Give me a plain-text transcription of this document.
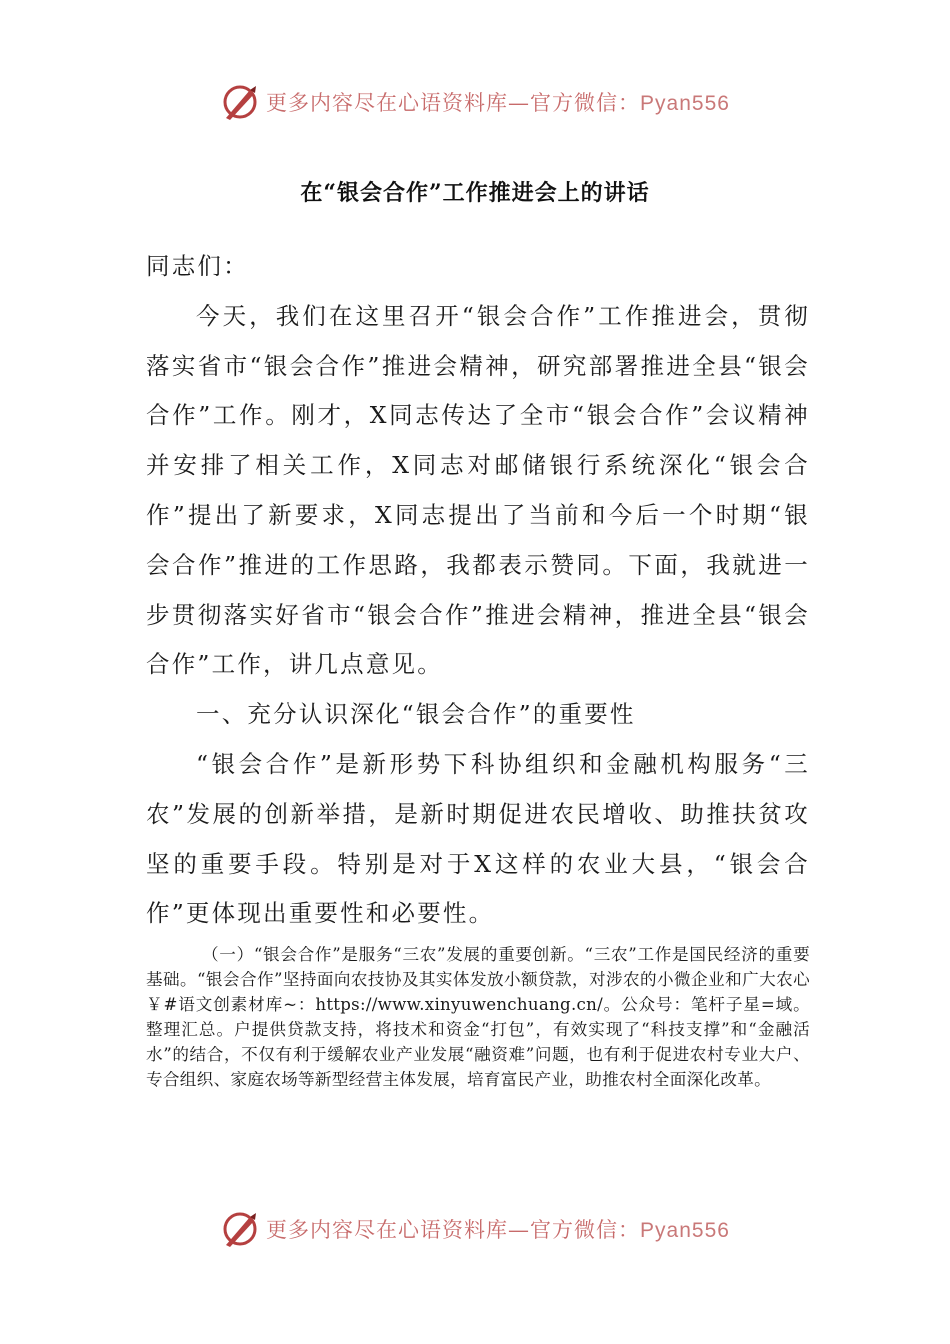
更多内容尽在心语资料库—官方微信：Pyan556
在“银会合作”工作推进会上的讲话

同志们：

今天，我们在这里召开“银会合作”工作推进会，贯彻落实省市“银会合作”推进会精神，研究部署推进全县“银会合作”工作。刚才，X同志传达了全市“银会合作”会议精神并安排了相关工作，X同志对邮储银行系统深化“银会合作”提出了新要求，X同志提出了当前和今后一个时期“银会合作”推进的工作思路，我都表示赞同。下面，我就进一步贯彻落实好省市“银会合作”推进会精神，推进全县“银会合作”工作，讲几点意见。

一、充分认识深化“银会合作”的重要性

“银会合作”是新形势下科协组织和金融机构服务“三农”发展的创新举措，是新时期促进农民增收、助推扶贫攻坚的重要手段。特别是对于X这样的农业大县，“银会合作”更体现出重要性和必要性。

（一）“银会合作”是服务“三农”发展的重要创新。“三农”工作是国民经济的重要基础。“银会合作”坚持面向农技协及其实体发放小额贷款，对涉农的小微企业和广大农心￥#语文创素材库~：https://www.xinyuwenchuang.cn/。公众号：笔杆子星=域。整理汇总。户提供贷款支持，将技术和资金“打包”，有效实现了“科技支撑”和“金融活水”的结合，不仅有利于缓解农业产业发展“融资难”问题，也有利于促进农村专业大户、专合组织、家庭农场等新型经营主体发展，培育富民产业，助推农村全面深化改革。

更多内容尽在心语资料库—官方微信：Pyan556
